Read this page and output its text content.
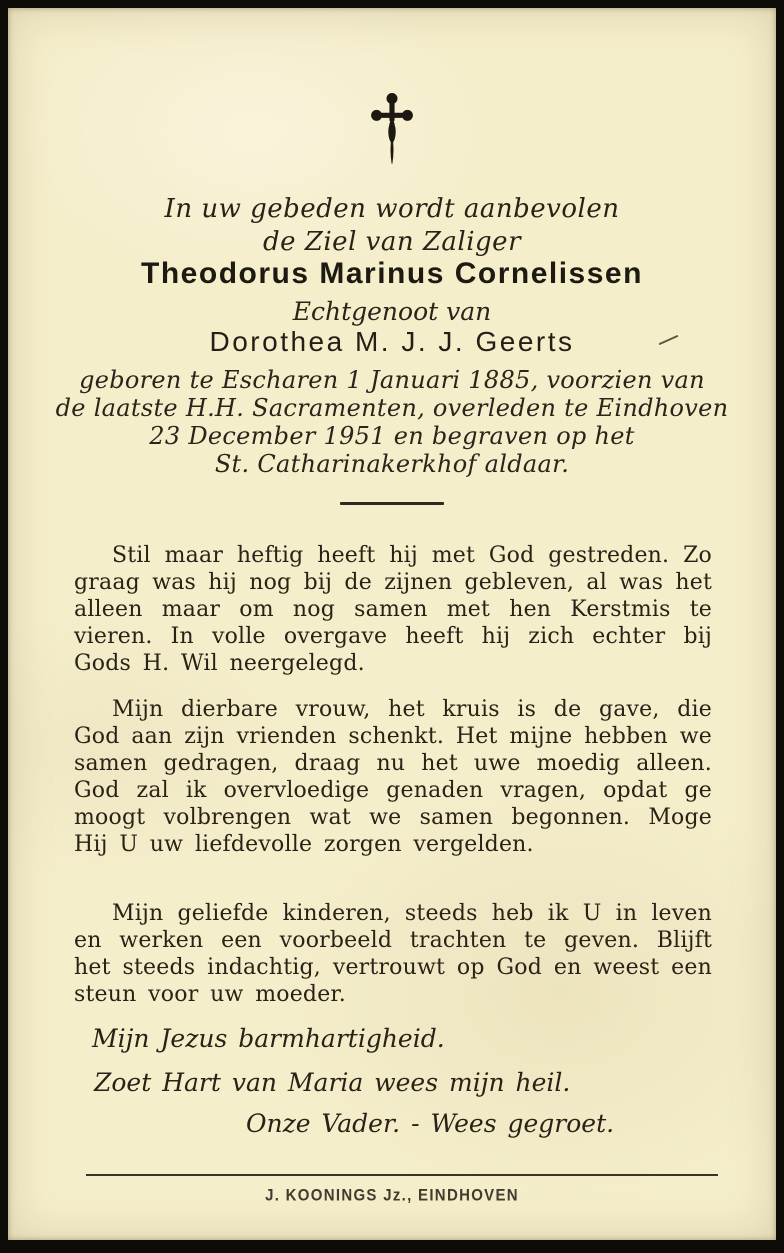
In uw gebeden wordt aanbevolen
de Ziel van Zaliger
Theodorus Marinus Cornelissen
Echtgenoot van
Dorothea M. J. J. Geerts
geboren te Escharen 1 Januari 1885, voorzien van
de laatste H.H. Sacramenten, overleden te Eindhoven
23 December 1951 en begraven op het
St. Catharinakerkhof aldaar.

Stil maar heftig heeft hij met God gestreden. Zo graag was hij nog bij de zijnen gebleven, al was het alleen maar om nog samen met hen Kerstmis te vieren. In volle overgave heeft hij zich echter bij Gods H. Wil neergelegd.

Mijn dierbare vrouw, het kruis is de gave, die God aan zijn vrienden schenkt. Het mijne hebben we samen gedragen, draag nu het uwe moedig alleen. God zal ik overvloedige genaden vragen, opdat ge moogt volbrengen wat we samen begonnen. Moge Hij U uw liefdevolle zorgen vergelden.

Mijn geliefde kinderen, steeds heb ik U in leven en werken een voorbeeld trachten te geven. Blijft het steeds indachtig, vertrouwt op God en weest een steun voor uw moeder.

Mijn Jezus barmhartigheid.
Zoet Hart van Maria wees mijn heil.
Onze Vader. - Wees gegroet.
J. KOONINGS Jz., EINDHOVEN
